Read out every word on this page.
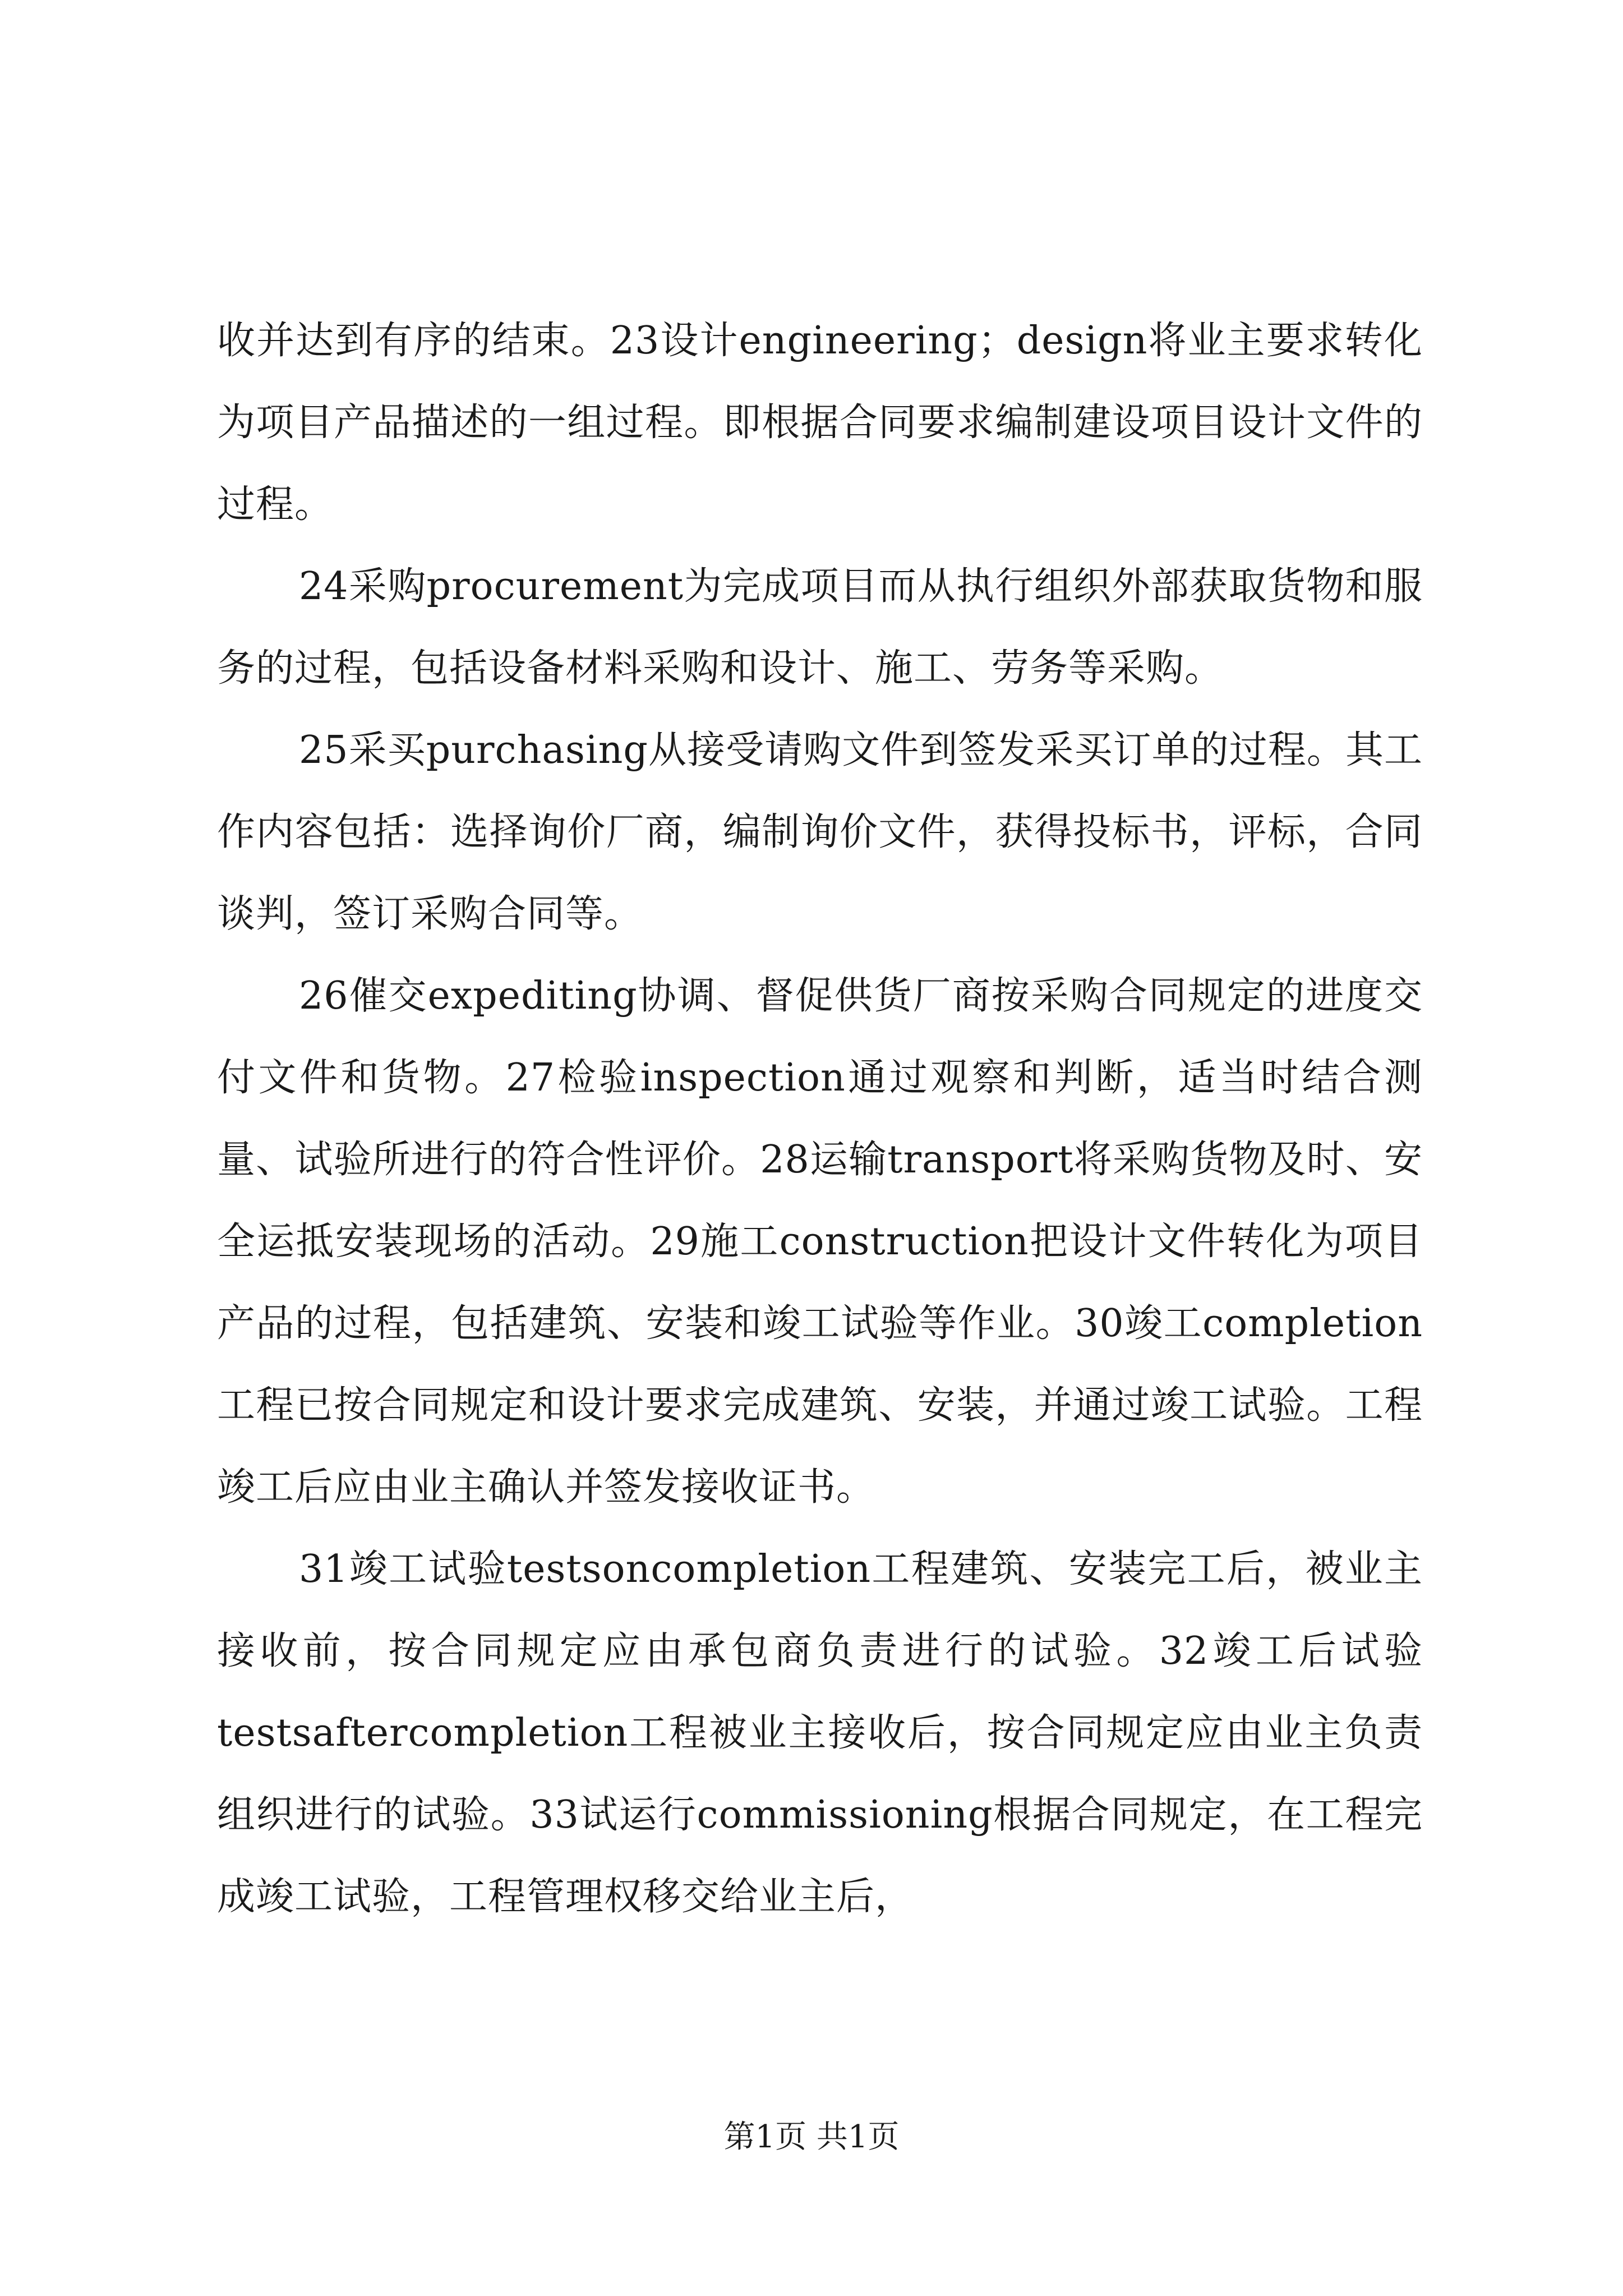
收并达到有序的结束。23设计engineering；design将业主要求转化为项目产品描述的一组过程。即根据合同要求编制建设项目设计文件的过程。

24采购procurement为完成项目而从执行组织外部获取货物和服务的过程，包括设备材料采购和设计、施工、劳务等采购。

25采买purchasing从接受请购文件到签发采买订单的过程。其工作内容包括：选择询价厂商，编制询价文件，获得投标书，评标，合同谈判，签订采购合同等。

26催交expediting协调、督促供货厂商按采购合同规定的进度交付文件和货物。27检验inspection通过观察和判断，适当时结合测量、试验所进行的符合性评价。28运输transport将采购货物及时、安全运抵安装现场的活动。29施工construction把设计文件转化为项目产品的过程，包括建筑、安装和竣工试验等作业。30竣工completion工程已按合同规定和设计要求完成建筑、安装，并通过竣工试验。工程竣工后应由业主确认并签发接收证书。

31竣工试验testsoncompletion工程建筑、安装完工后，被业主接收前，按合同规定应由承包商负责进行的试验。32竣工后试验testsaftercompletion工程被业主接收后，按合同规定应由业主负责组织进行的试验。33试运行commissioning根据合同规定，在工程完成竣工试验，工程管理权移交给业主后，

第1页 共1页
